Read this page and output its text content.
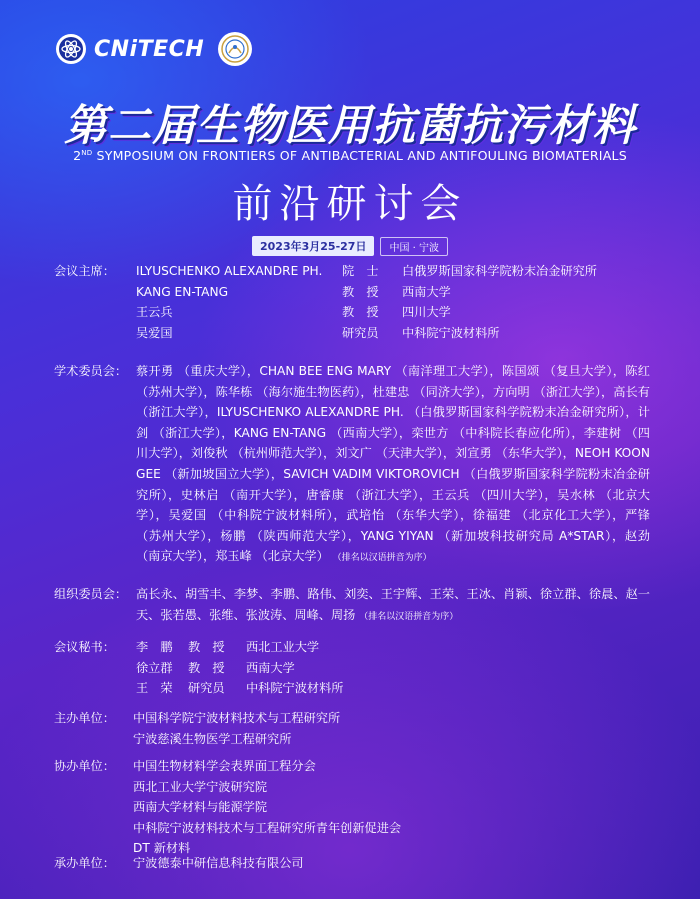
CNiTECH
第二届生物医用抗菌抗污材料
2ND SYMPOSIUM ON FRONTIERS OF ANTIBACTERIAL AND ANTIFOULING BIOMATERIALS
前沿研讨会
2023年3月25-27日	中国 · 宁波
会议主席： ILYUSCHENKO ALEXANDRE PH.	院　士	白俄罗斯国家科学院粉末冶金研究所
KANG EN-TANG	教　授	西南大学
王云兵	教　授	四川大学
吴爱国	研究员	中科院宁波材料所
学术委员会： 蔡开勇 （重庆大学），CHAN BEE ENG MARY （南洋理工大学），陈国颂 （复旦大学），陈红 （苏州大学），陈华栋 （海尔施生物医药），杜建忠 （同济大学），方向明 （浙江大学），高长有 （浙江大学），ILYUSCHENKO ALEXANDRE PH. （白俄罗斯国家科学院粉末冶金研究所），计剑 （浙江大学），KANG EN-TANG （西南大学），栾世方 （中科院长春应化所），李建树 （四川大学），刘俊秋 （杭州师范大学），刘文广 （天津大学），刘宣勇 （东华大学），NEOH KOON GEE （新加坡国立大学），SAVICH VADIM VIKTOROVICH （白俄罗斯国家科学院粉末冶金研究所），史林启 （南开大学），唐睿康 （浙江大学），王云兵 （四川大学），吴水林 （北京大学），吴爱国 （中科院宁波材料所），武培怡 （东华大学），徐福建 （北京化工大学），严锋 （苏州大学），杨鹏 （陕西师范大学），YANG YIYAN （新加坡科技研究局 A*STAR），赵劲 （南京大学），郑玉峰 （北京大学） （排名以汉语拼音为序）
组织委员会： 高长永、胡雪丰、李梦、李鹏、路伟、刘奕、王宇辉、王荣、王冰、肖颖、徐立群、徐晨、赵一天、张若愚、张维、张波涛、周峰、周扬 （排名以汉语拼音为序）
会议秘书： 李　鹏	教　授	西北工业大学
徐立群	教　授	西南大学
王　荣	研究员	中科院宁波材料所
主办单位： 中国科学院宁波材料技术与工程研究所
宁波慈溪生物医学工程研究所
协办单位： 中国生物材料学会表界面工程分会
西北工业大学宁波研究院
西南大学材料与能源学院
中科院宁波材料技术与工程研究所青年创新促进会
DT 新材料
承办单位： 宁波德泰中研信息科技有限公司
